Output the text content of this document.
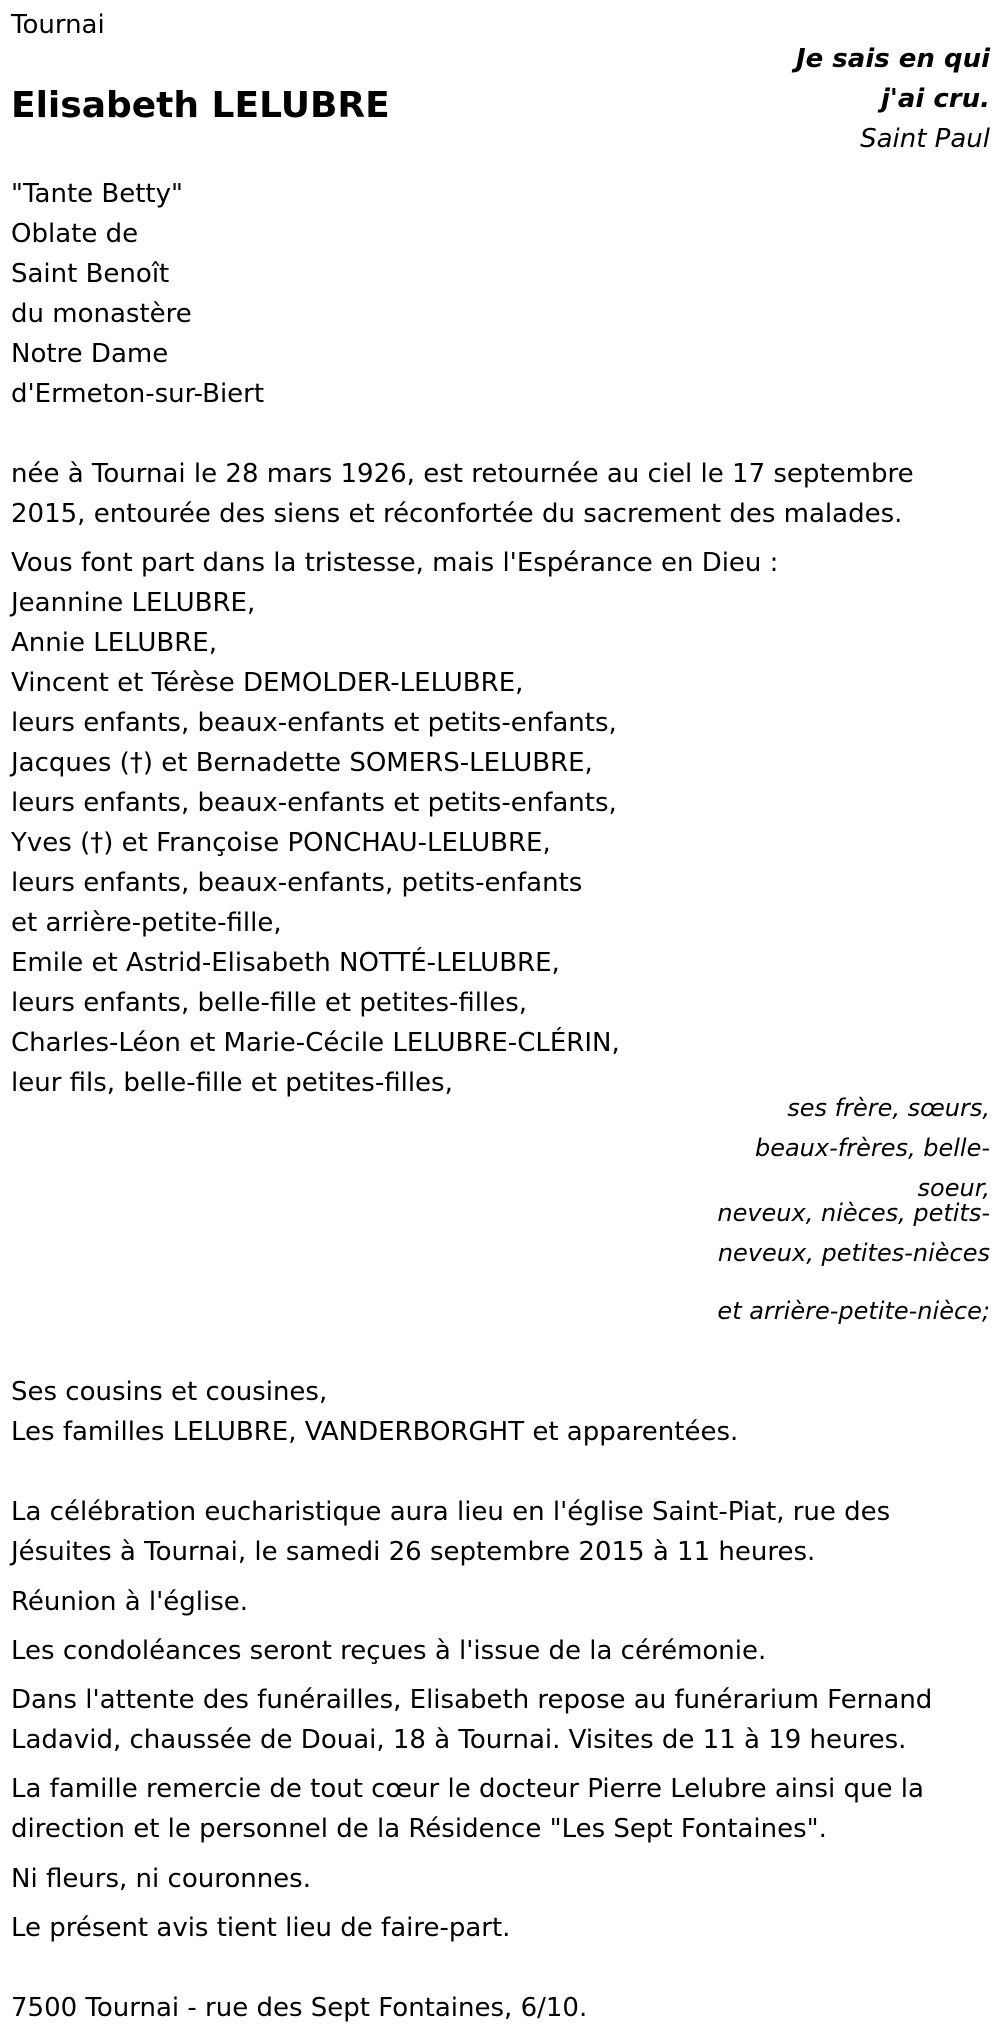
Tournai
Elisabeth LELUBRE
Je sais en qui j'ai cru.
Saint Paul
"Tante Betty"
Oblate de
Saint Benoît
du monastère
Notre Dame
d'Ermeton-sur-Biert
née à Tournai le 28 mars 1926, est retournée au ciel le 17 septembre 2015, entourée des siens et réconfortée du sacrement des malades.
Vous font part dans la tristesse, mais l'Espérance en Dieu :
Jeannine LELUBRE,
Annie LELUBRE,
Vincent et Térèse DEMOLDER-LELUBRE,
leurs enfants, beaux-enfants et petits-enfants,
Jacques (†) et Bernadette SOMERS-LELUBRE,
leurs enfants, beaux-enfants et petits-enfants,
Yves (†) et Françoise PONCHAU-LELUBRE,
leurs enfants, beaux-enfants, petits-enfants
et arrière-petite-fille,
Emile et Astrid-Elisabeth NOTTÉ-LELUBRE,
leurs enfants, belle-fille et petites-filles,
Charles-Léon et Marie-Cécile LELUBRE-CLÉRIN,
leur fils, belle-fille et petites-filles,
ses frère, sœurs, beaux-frères, belle-soeur,
neveux, nièces, petits-neveux, petites-nièces
et arrière-petite-nièce;
Ses cousins et cousines,
Les familles LELUBRE, VANDERBORGHT et apparentées.
La célébration eucharistique aura lieu en l'église Saint-Piat, rue des Jésuites à Tournai, le samedi 26 septembre 2015 à 11 heures.
Réunion à l'église.
Les condoléances seront reçues à l'issue de la cérémonie.
Dans l'attente des funérailles, Elisabeth repose au funérarium Fernand Ladavid, chaussée de Douai, 18 à Tournai. Visites de 11 à 19 heures.
La famille remercie de tout cœur le docteur Pierre Lelubre ainsi que la direction et le personnel de la Résidence "Les Sept Fontaines".
Ni fleurs, ni couronnes.
Le présent avis tient lieu de faire-part.
7500 Tournai - rue des Sept Fontaines, 6/10.
